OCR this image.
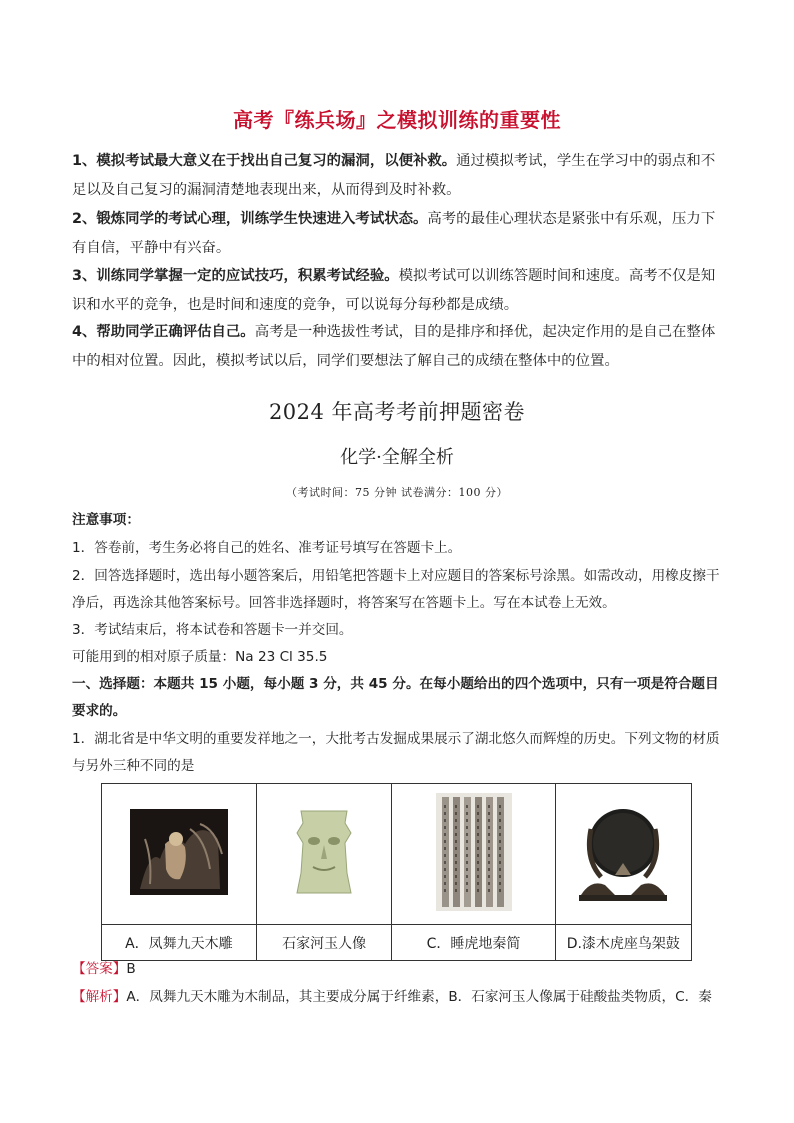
高考『练兵场』之模拟训练的重要性
1、模拟考试最大意义在于找出自己复习的漏洞，以便补救。通过模拟考试，学生在学习中的弱点和不足以及自己复习的漏洞清楚地表现出来，从而得到及时补救。
2、锻炼同学的考试心理，训练学生快速进入考试状态。高考的最佳心理状态是紧张中有乐观，压力下有自信，平静中有兴奋。
3、训练同学掌握一定的应试技巧，积累考试经验。模拟考试可以训练答题时间和速度。高考不仅是知识和水平的竞争，也是时间和速度的竞争，可以说每分每秒都是成绩。
4、帮助同学正确评估自己。高考是一种选拔性考试，目的是排序和择优，起决定作用的是自己在整体中的相对位置。因此，模拟考试以后，同学们要想法了解自己的成绩在整体中的位置。
2024 年高考考前押题密卷
化学·全解全析
（考试时间：75 分钟 试卷满分：100 分）
注意事项：
1．答卷前，考生务必将自己的姓名、准考证号填写在答题卡上。
2．回答选择题时，选出每小题答案后，用铅笔把答题卡上对应题目的答案标号涂黑。如需改动，用橡皮擦干净后，再选涂其他答案标号。回答非选择题时，将答案写在答题卡上。写在本试卷上无效。
3．考试结束后，将本试卷和答题卡一并交回。
可能用到的相对原子质量：Na 23 Cl 35.5
一、选择题：本题共 15 小题，每小题 3 分，共 45 分。在每小题给出的四个选项中，只有一项是符合题目要求的。
1．湖北省是中华文明的重要发祥地之一，大批考古发掘成果展示了湖北悠久而辉煌的历史。下列文物的材质与另外三种不同的是

A．凤舞九天木雕	石家河玉人像	C．睡虎地秦简	D.漆木虎座鸟架鼓
【答案】B
【解析】A．凤舞九天木雕为木制品，其主要成分属于纤维素，B．石家河玉人像属于硅酸盐类物质，C．秦
